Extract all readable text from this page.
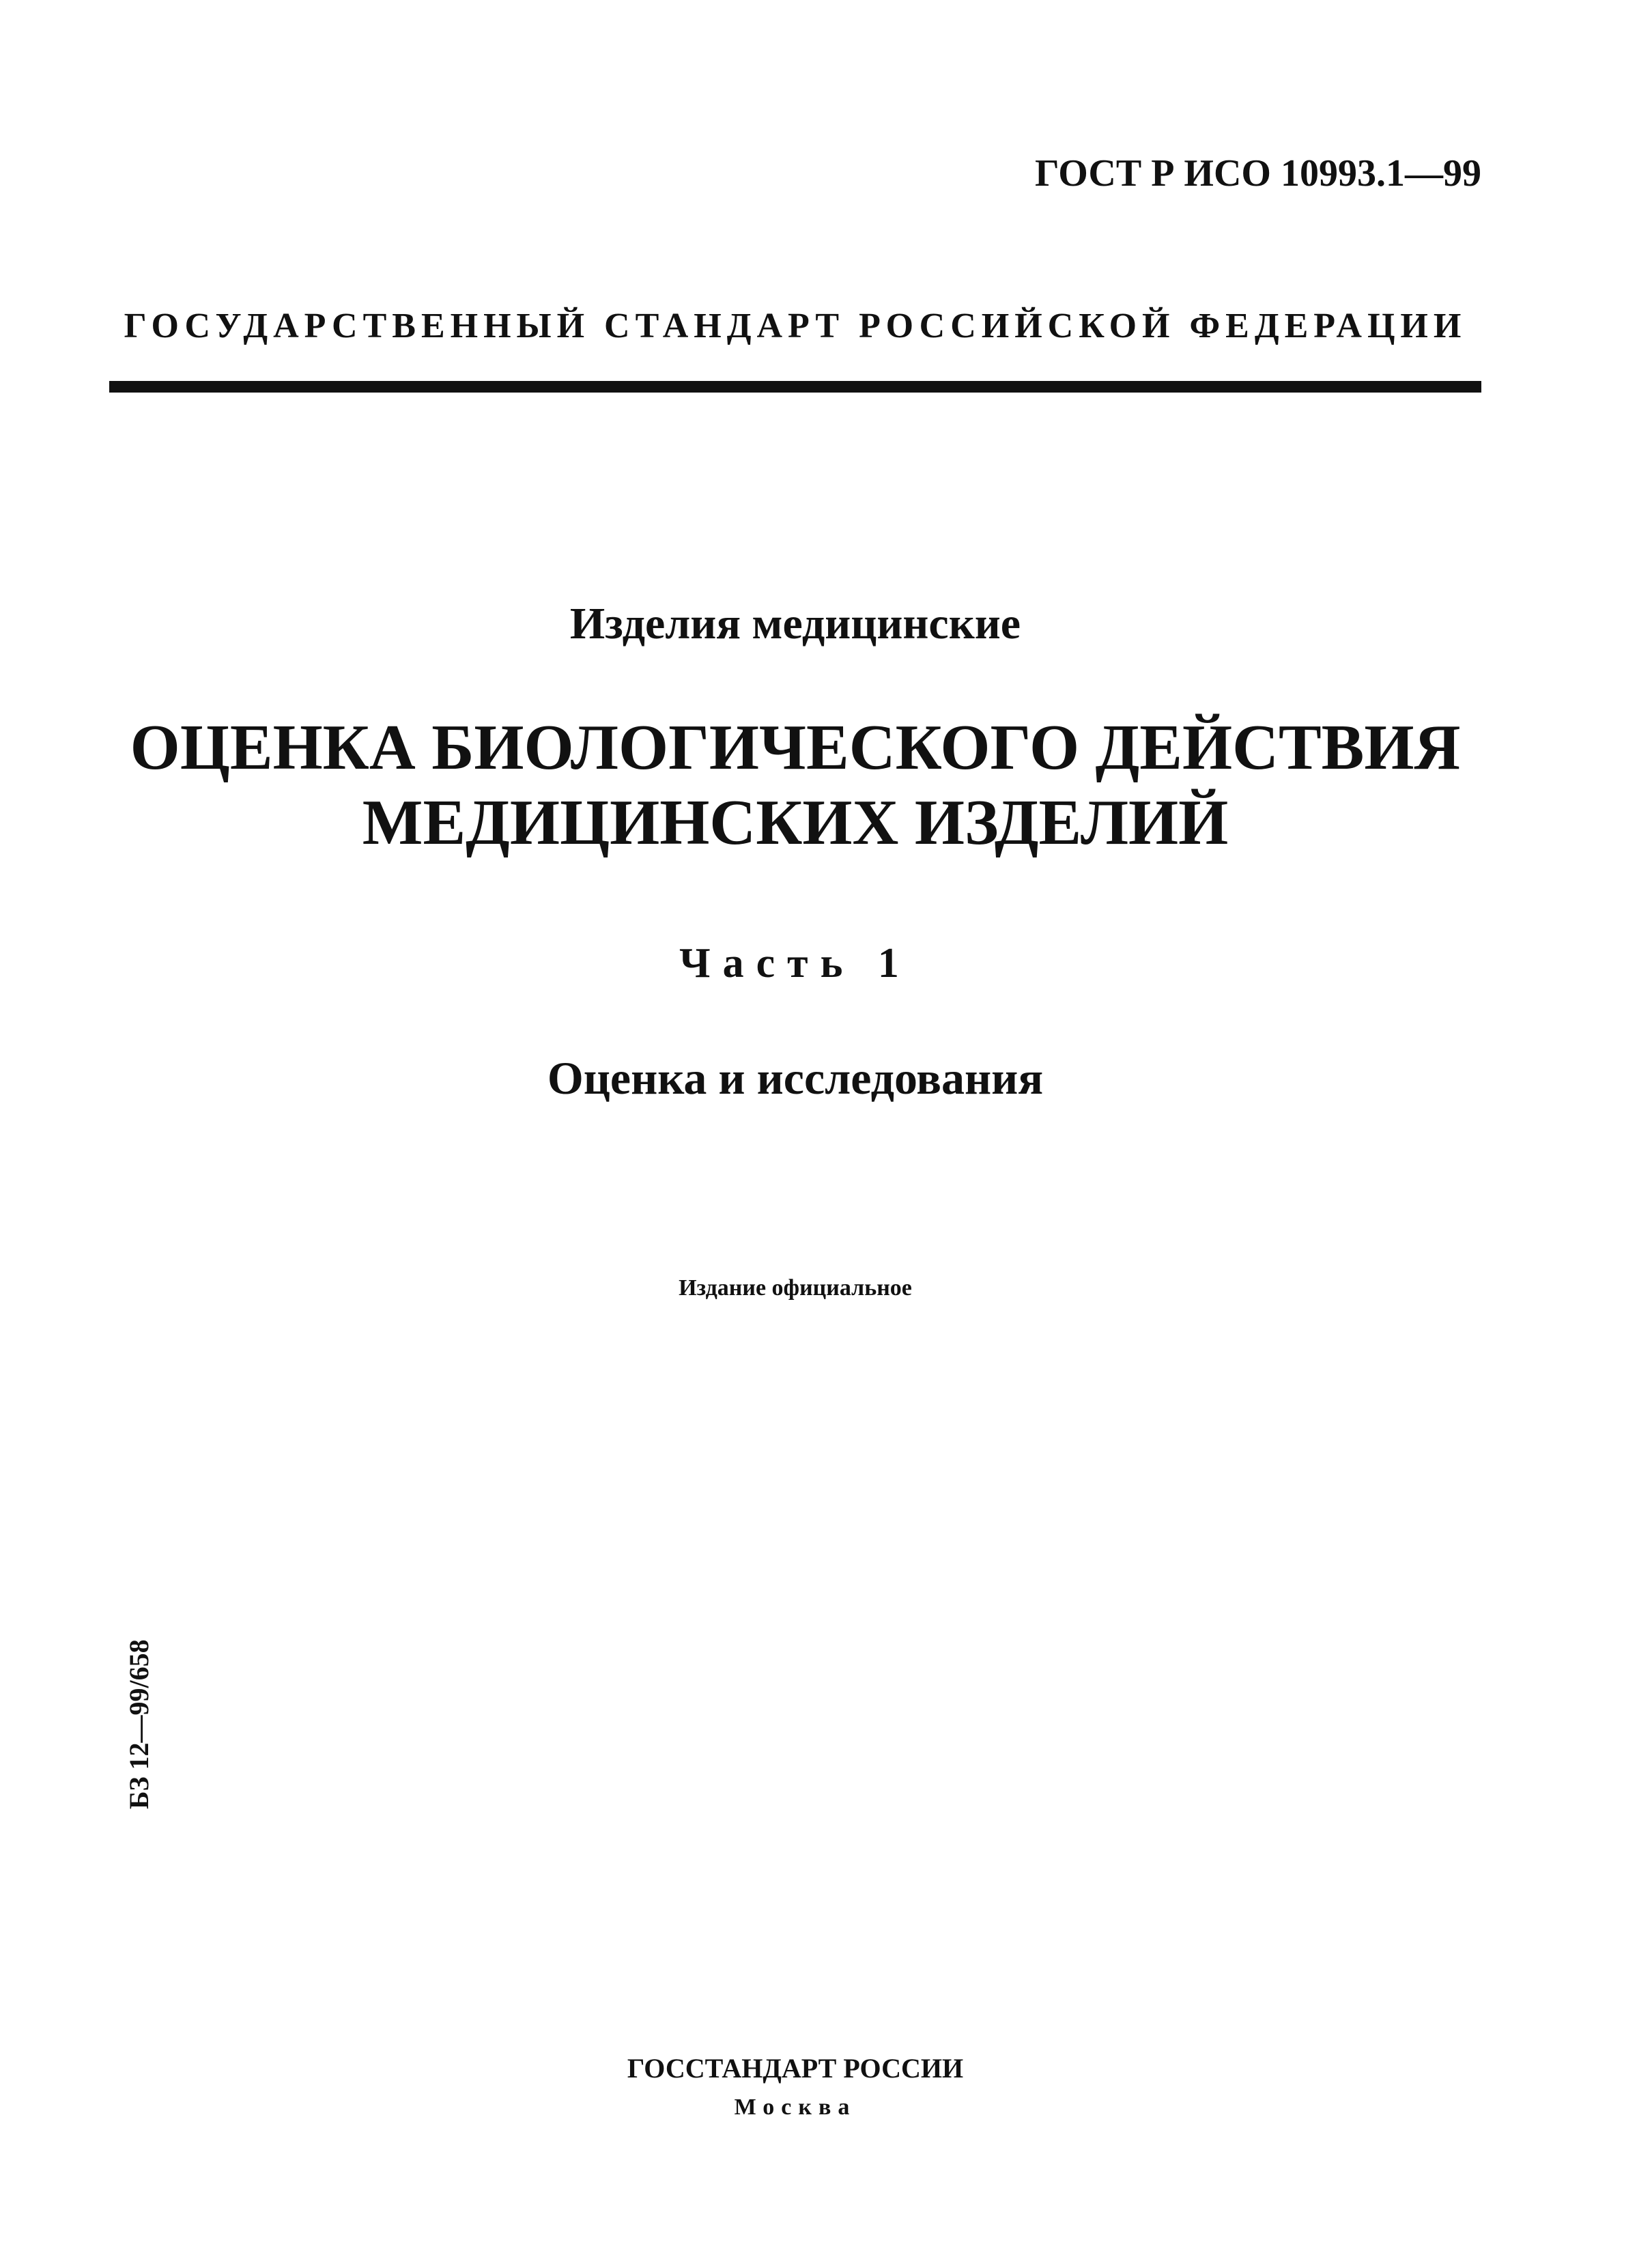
ГОСТ Р ИСО 10993.1—99
ГОСУДАРСТВЕННЫЙ СТАНДАРТ РОССИЙСКОЙ ФЕДЕРАЦИИ
Изделия медицинские
ОЦЕНКА БИОЛОГИЧЕСКОГО ДЕЙСТВИЯ
МЕДИЦИНСКИХ ИЗДЕЛИЙ
Часть 1
Оценка и исследования
Издание официальное
БЗ 12—99/658
ГОССТАНДАРТ РОССИИ
Москва
